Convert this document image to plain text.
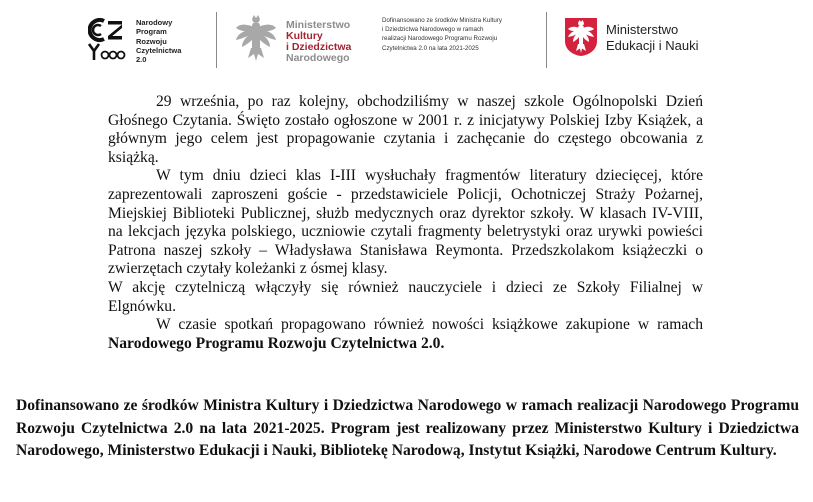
Narodowy
Program
Rozwoju
Czytelnictwa
2.0
Ministerstwo
Kultury
i Dziedzictwa
Narodowego
Dofinansowano ze środków Ministra Kultury
i Dziedzictwa Narodowego w ramach
realizacji Narodowego Programu Rozwoju
Czytelnictwa 2.0 na lata 2021-2025
Ministerstwo
Edukacji i Nauki

29 września, po raz kolejny, obchodziliśmy w naszej szkole Ogólnopolski Dzień Głośnego Czytania. Święto zostało ogłoszone w 2001 r. z inicjatywy Polskiej Izby Książek, a głównym jego celem jest propagowanie czytania i zachęcanie do częstego obcowania z książką.

W tym dniu dzieci klas I-III wysłuchały fragmentów literatury dziecięcej, które zaprezentowali zaproszeni goście - przedstawiciele Policji, Ochotniczej Straży Pożarnej, Miejskiej Biblioteki Publicznej, służb medycznych oraz dyrektor szkoły. W klasach IV-VIII, na lekcjach języka polskiego, uczniowie czytali fragmenty beletrystyki oraz urywki powieści Patrona naszej szkoły – Władysława Stanisława Reymonta. Przedszkolakom książeczki o zwierzętach czytały koleżanki z ósmej klasy.

W akcję czytelniczą włączyły się również nauczyciele i dzieci ze Szkoły Filialnej w Elgnówku.

W czasie spotkań propagowano również nowości książkowe zakupione w ramach Narodowego Programu Rozwoju Czytelnictwa 2.0.

Dofinansowano ze środków Ministra Kultury i Dziedzictwa Narodowego w ramach realizacji Narodowego Programu Rozwoju Czytelnictwa 2.0 na lata 2021-2025. Program jest realizowany przez Ministerstwo Kultury i Dziedzictwa Narodowego, Ministerstwo Edukacji i Nauki, Bibliotekę Narodową, Instytut Książki, Narodowe Centrum Kultury.
